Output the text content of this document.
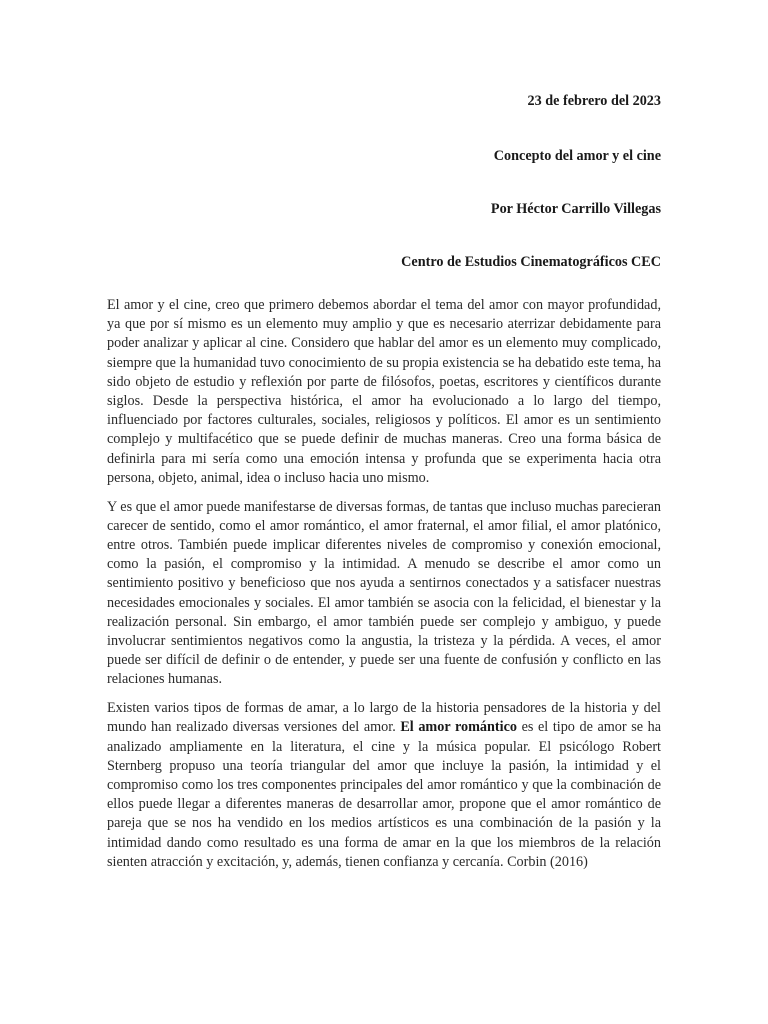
23 de febrero del 2023
Concepto del amor y el cine
Por Héctor Carrillo Villegas
Centro de Estudios Cinematográficos CEC

El amor y el cine, creo que primero debemos abordar el tema del amor con mayor profundidad, ya que por sí mismo es un elemento muy amplio y que es necesario aterrizar debidamente para poder analizar y aplicar al cine. Considero que hablar del amor es un elemento muy complicado, siempre que la humanidad tuvo conocimiento de su propia existencia se ha debatido este tema, ha sido objeto de estudio y reflexión por parte de filósofos, poetas, escritores y científicos durante siglos. Desde la perspectiva histórica, el amor ha evolucionado a lo largo del tiempo, influenciado por factores culturales, sociales, religiosos y políticos. El amor es un sentimiento complejo y multifacético que se puede definir de muchas maneras. Creo una forma básica de definirla para mi sería como una emoción intensa y profunda que se experimenta hacia otra persona, objeto, animal, idea o incluso hacia uno mismo.

Y es que el amor puede manifestarse de diversas formas, de tantas que incluso muchas parecieran carecer de sentido, como el amor romántico, el amor fraternal, el amor filial, el amor platónico, entre otros. También puede implicar diferentes niveles de compromiso y conexión emocional, como la pasión, el compromiso y la intimidad. A menudo se describe el amor como un sentimiento positivo y beneficioso que nos ayuda a sentirnos conectados y a satisfacer nuestras necesidades emocionales y sociales. El amor también se asocia con la felicidad, el bienestar y la realización personal. Sin embargo, el amor también puede ser complejo y ambiguo, y puede involucrar sentimientos negativos como la angustia, la tristeza y la pérdida. A veces, el amor puede ser difícil de definir o de entender, y puede ser una fuente de confusión y conflicto en las relaciones humanas.

Existen varios tipos de formas de amar, a lo largo de la historia pensadores de la historia y del mundo han realizado diversas versiones del amor. El amor romántico es el tipo de amor se ha analizado ampliamente en la literatura, el cine y la música popular. El psicólogo Robert Sternberg propuso una teoría triangular del amor que incluye la pasión, la intimidad y el compromiso como los tres componentes principales del amor romántico y que la combinación de ellos puede llegar a diferentes maneras de desarrollar amor, propone que el amor romántico de pareja que se nos ha vendido en los medios artísticos es una combinación de la pasión y la intimidad dando como resultado es una forma de amar en la que los miembros de la relación sienten atracción y excitación, y, además, tienen confianza y cercanía. Corbin (2016)
